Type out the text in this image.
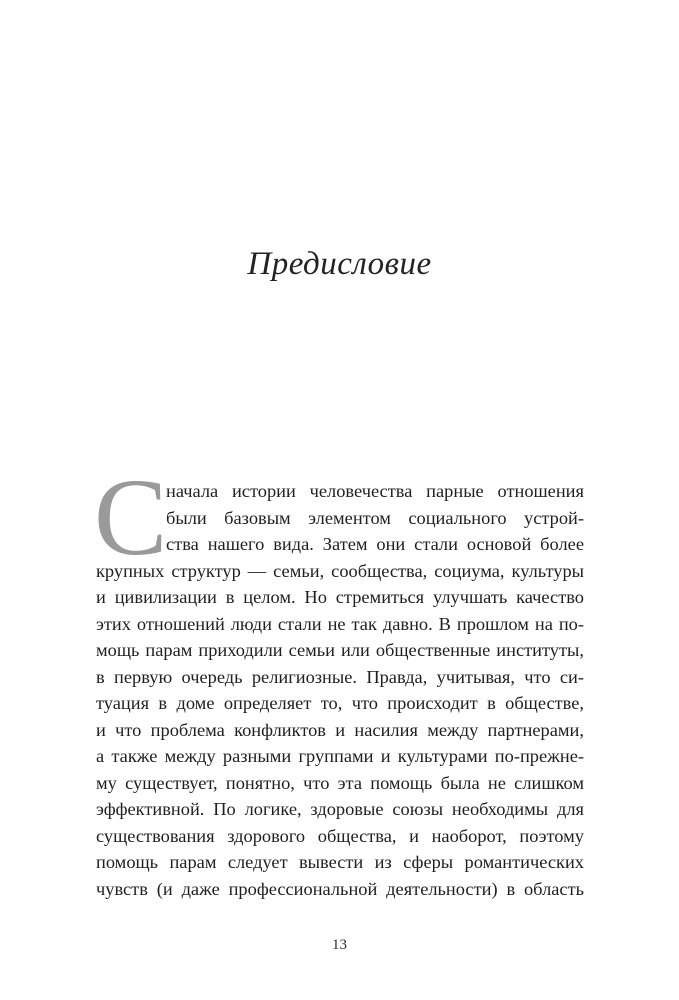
Предисловие
С
начала истории человечества парные отношения
были базовым элементом социального устрой-
ства нашего вида. Затем они стали основой более
крупных структур — семьи, сообщества, социума, культуры
и цивилизации в целом. Но стремиться улучшать качество
этих отношений люди стали не так давно. В прошлом на по-
мощь парам приходили семьи или общественные институты,
в первую очередь религиозные. Правда, учитывая, что си-
туация в доме определяет то, что происходит в обществе,
и что проблема конфликтов и насилия между партнерами,
а также между разными группами и культурами по-прежне-
му существует, понятно, что эта помощь была не слишком
эффективной. По логике, здоровые союзы необходимы для
существования здорового общества, и наоборот, поэтому
помощь парам следует вывести из сферы романтических
чувств (и даже профессиональной деятельности) в область
13
